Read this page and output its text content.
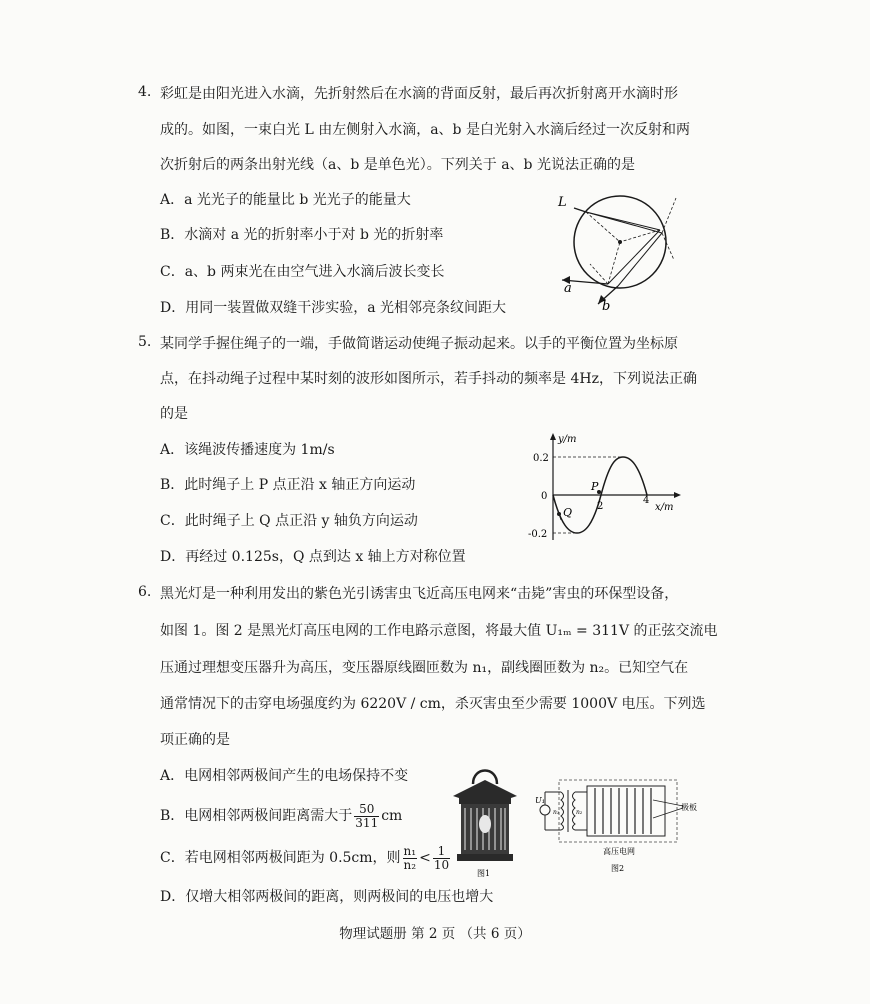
4. 彩虹是由阳光进入水滴，先折射然后在水滴的背面反射，最后再次折射离开水滴时形
成的。如图，一束白光 L 由左侧射入水滴，a、b 是白光射入水滴后经过一次反射和两
次折射后的两条出射光线（a、b 是单色光）。下列关于 a、b 光说法正确的是
A．a 光光子的能量比 b 光光子的能量大
B．水滴对 a 光的折射率小于对 b 光的折射率
C．a、b 两束光在由空气进入水滴后波长变长
D．用同一装置做双缝干涉实验，a 光相邻亮条纹间距大
L
a
b
5. 某同学手握住绳子的一端，手做简谐运动使绳子振动起来。以手的平衡位置为坐标原
点，在抖动绳子过程中某时刻的波形如图所示，若手抖动的频率是 4Hz，下列说法正确
的是
A．该绳波传播速度为 1m/s
B．此时绳子上 P 点正沿 x 轴正方向运动
C．此时绳子上 Q 点正沿 y 轴负方向运动
D．再经过 0.125s，Q 点到达 x 轴上方对称位置
y/m
x/m
0.2
-0.2
0
2
4
P
Q
6. 黑光灯是一种利用发出的紫色光引诱害虫飞近高压电网来“击毙”害虫的环保型设备，
如图 1。图 2 是黑光灯高压电网的工作电路示意图，将最大值 U₁ₘ = 311V 的正弦交流电
压通过理想变压器升为高压，变压器原线圈匝数为 n₁，副线圈匝数为 n₂。已知空气在
通常情况下的击穿电场强度约为 6220V / cm，杀灭害虫至少需要 1000V 电压。下列选
项正确的是
A．电网相邻两极间产生的电场保持不变
B．电网相邻两极间距离需大于 $\frac{50}{311}$ cm
C．若电网相邻两极间距为 0.5cm，则 $\frac{\text{n₁}}{\text{n₂}} < \frac{1}{10}$
D．仅增大相邻两极间的距离，则两极间的电压也增大
图1
U₁
n₁	n₂
极板
高压电网
图2
物理试题册 第 2 页 （共 6 页）
